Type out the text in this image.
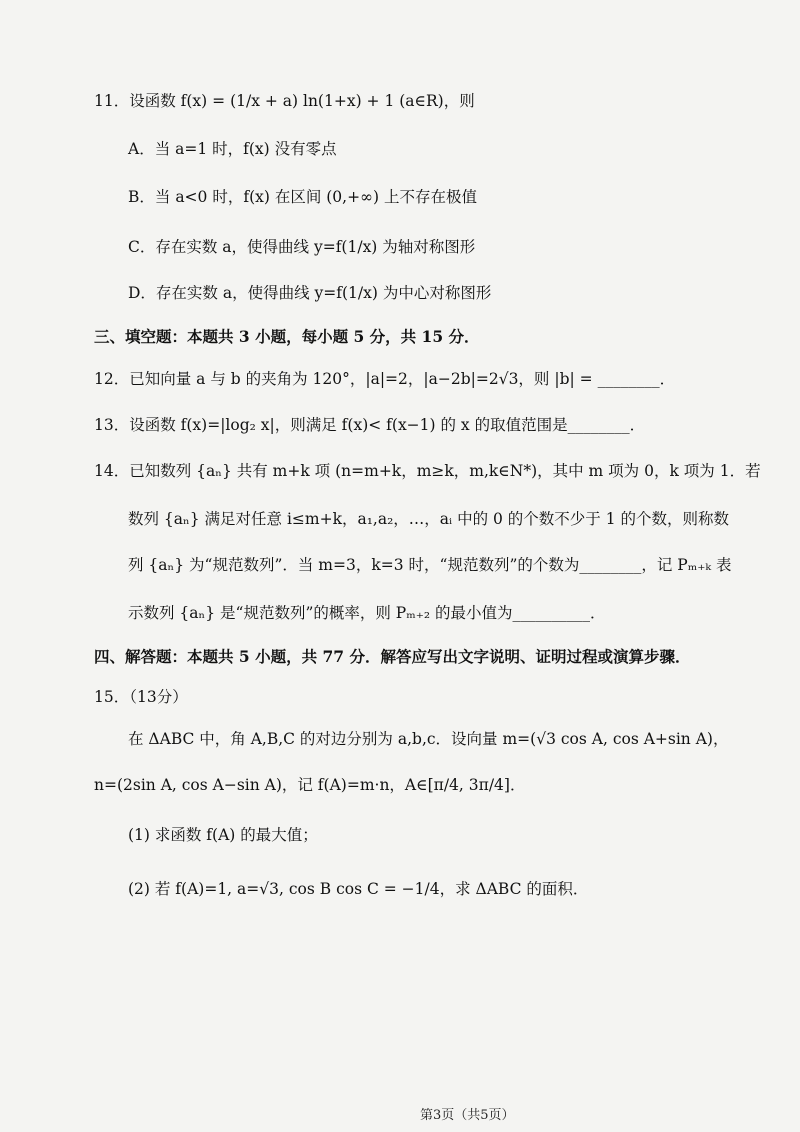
11．设函数 f(x) = (1/x + a) ln(1+x) + 1 (a∈R)，则
A．当 a=1 时，f(x) 没有零点
B．当 a<0 时，f(x) 在区间 (0,+∞) 上不存在极值
C．存在实数 a，使得曲线 y=f(1/x) 为轴对称图形
D．存在实数 a，使得曲线 y=f(1/x) 为中心对称图形
三、填空题：本题共 3 小题，每小题 5 分，共 15 分．
12．已知向量 a 与 b 的夹角为 120°，|a|=2，|a−2b|=2√3，则 |b| = ________．
13．设函数 f(x)=|log₂ x|，则满足 f(x)< f(x−1) 的 x 的取值范围是________．
14．已知数列 {aₙ} 共有 m+k 项 (n=m+k，m≥k，m,k∈N*)，其中 m 项为 0，k 项为 1．若
数列 {aₙ} 满足对任意 i≤m+k，a₁,a₂，…，aᵢ 中的 0 的个数不少于 1 的个数，则称数
列 {aₙ} 为“规范数列”．当 m=3，k=3 时，“规范数列”的个数为________，记 Pₘ₊ₖ 表
示数列 {aₙ} 是“规范数列”的概率，则 Pₘ₊₂ 的最小值为__________．
四、解答题：本题共 5 小题，共 77 分．解答应写出文字说明、证明过程或演算步骤．
15．（13分）
在 ΔABC 中，角 A,B,C 的对边分别为 a,b,c．设向量 m=(√3 cos A, cos A+sin A)，
n=(2sin A, cos A−sin A)，记 f(A)=m·n，A∈[π/4, 3π/4]．
(1) 求函数 f(A) 的最大值；
(2) 若 f(A)=1, a=√3, cos B cos C = −1/4，求 ΔABC 的面积．
第3页（共5页）
